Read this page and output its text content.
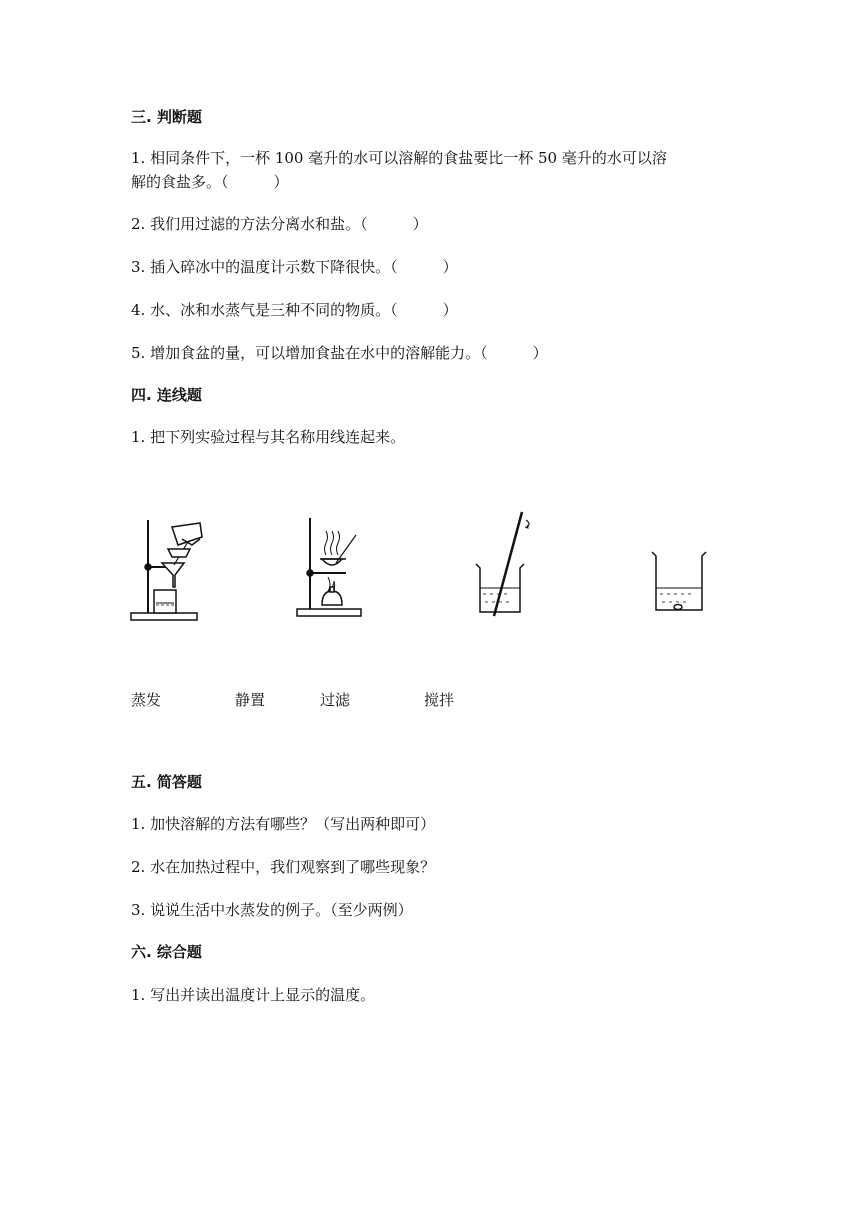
三. 判断题
1. 相同条件下，一杯 100 毫升的水可以溶解的食盐要比一杯 50 毫升的水可以溶
解的食盐多。（　　　）
2. 我们用过滤的方法分离水和盐。（　　　）
3. 插入碎冰中的温度计示数下降很快。（　　　）
4. 水、冰和水蒸气是三种不同的物质。（　　　）
5. 增加食盆的量，可以增加食盐在水中的溶解能力。（　　　）
四. 连线题
1. 把下列实验过程与其名称用线连起来。
蒸发	静置	过滤	搅拌
五. 简答题
1. 加快溶解的方法有哪些？（写出两种即可）
2. 水在加热过程中，我们观察到了哪些现象？
3. 说说生活中水蒸发的例子。（至少两例）
六. 综合题
1. 写出并读出温度计上显示的温度。
